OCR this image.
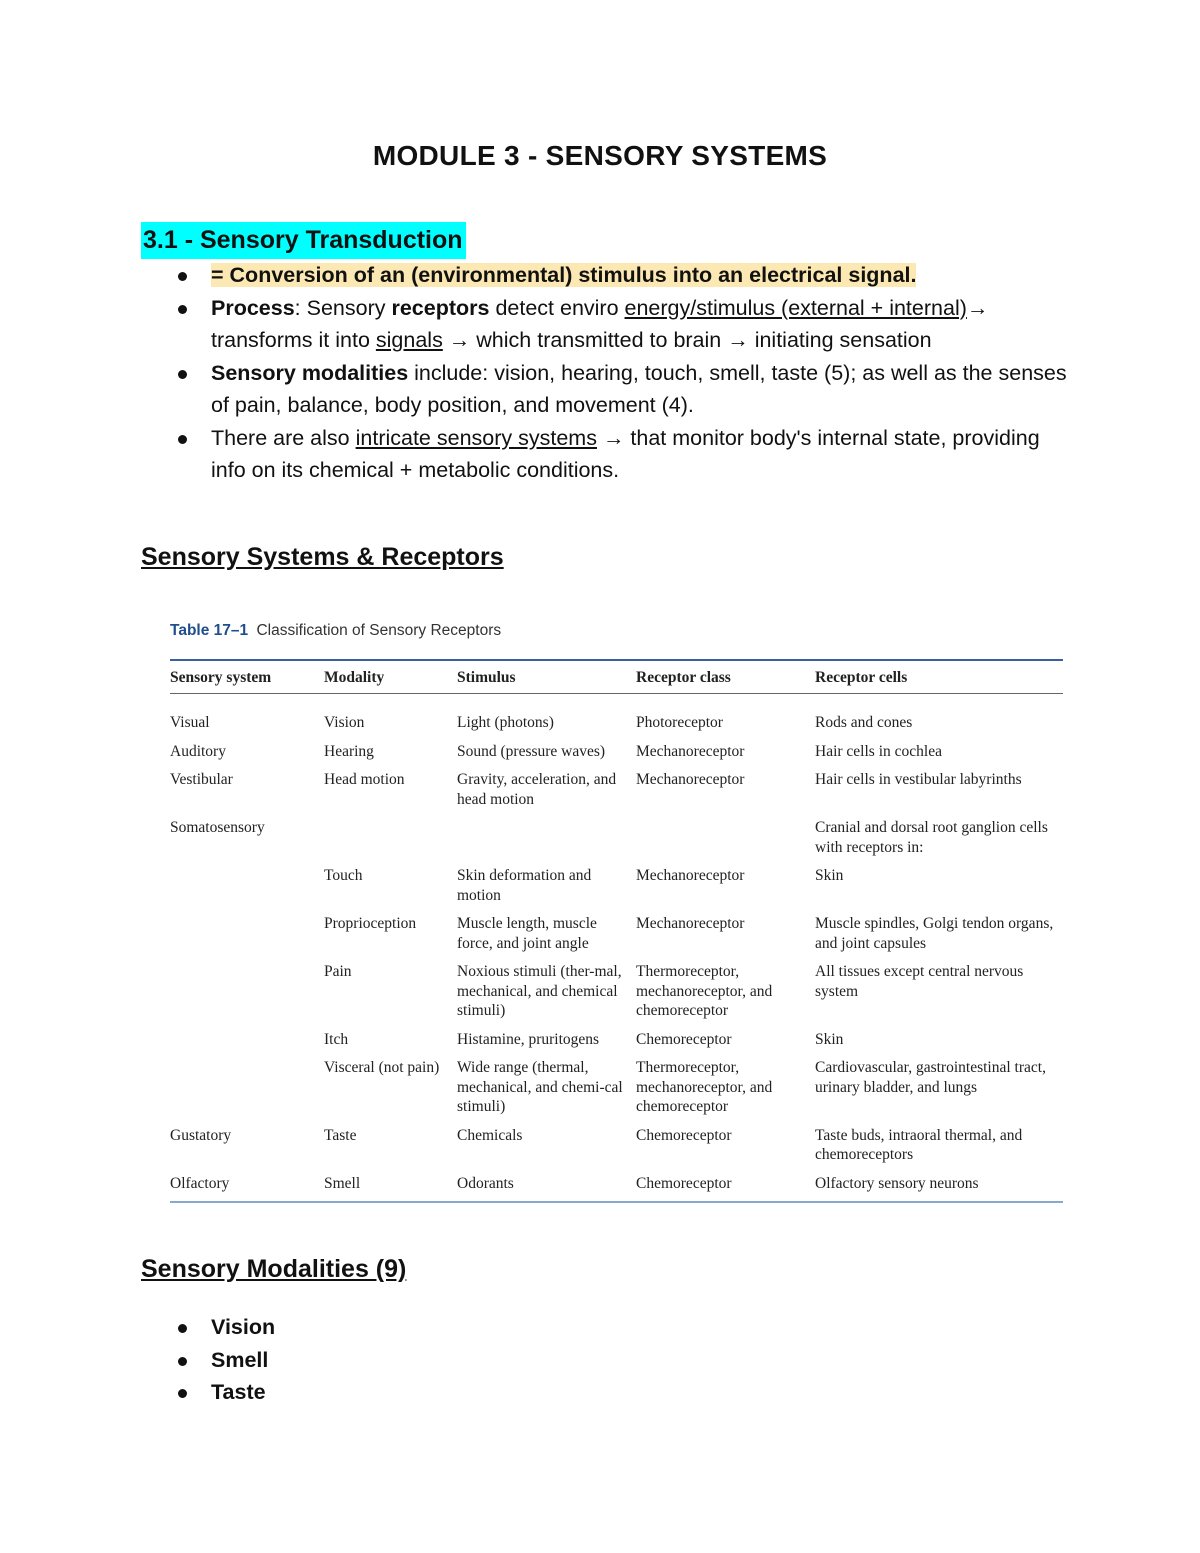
MODULE 3 - SENSORY SYSTEMS
3.1 - Sensory Transduction
= Conversion of an (environmental) stimulus into an electrical signal.
Process: Sensory receptors detect enviro energy/stimulus (external + internal)→ transforms it into signals → which transmitted to brain → initiating sensation
Sensory modalities include: vision, hearing, touch, smell, taste (5); as well as the senses of pain, balance, body position, and movement (4).
There are also intricate sensory systems → that monitor body's internal state, providing info on its chemical + metabolic conditions.
Sensory Systems & Receptors
Table 17–1 Classification of Sensory Receptors
Sensory system	Modality	Stimulus	Receptor class	Receptor cells
Visual	Vision	Light (photons)	Photoreceptor	Rods and cones
Auditory	Hearing	Sound (pressure waves)	Mechanoreceptor	Hair cells in cochlea
Vestibular	Head motion	Gravity, acceleration, and head motion	Mechanoreceptor	Hair cells in vestibular labyrinths
Somatosensory				Cranial and dorsal root ganglion cells with receptors in:
	Touch	Skin deformation and motion	Mechanoreceptor	Skin
	Proprioception	Muscle length, muscle force, and joint angle	Mechanoreceptor	Muscle spindles, Golgi tendon organs, and joint capsules
	Pain	Noxious stimuli (ther-mal, mechanical, and chemical stimuli)	Thermoreceptor, mechanoreceptor, and chemoreceptor	All tissues except central nervous system
	Itch	Histamine, pruritogens	Chemoreceptor	Skin
	Visceral (not pain)	Wide range (thermal, mechanical, and chemi-cal stimuli)	Thermoreceptor, mechanoreceptor, and chemoreceptor	Cardiovascular, gastrointestinal tract, urinary bladder, and lungs
Gustatory	Taste	Chemicals	Chemoreceptor	Taste buds, intraoral thermal, and chemoreceptors
Olfactory	Smell	Odorants	Chemoreceptor	Olfactory sensory neurons
Sensory Modalities (9)
Vision
Smell
Taste
